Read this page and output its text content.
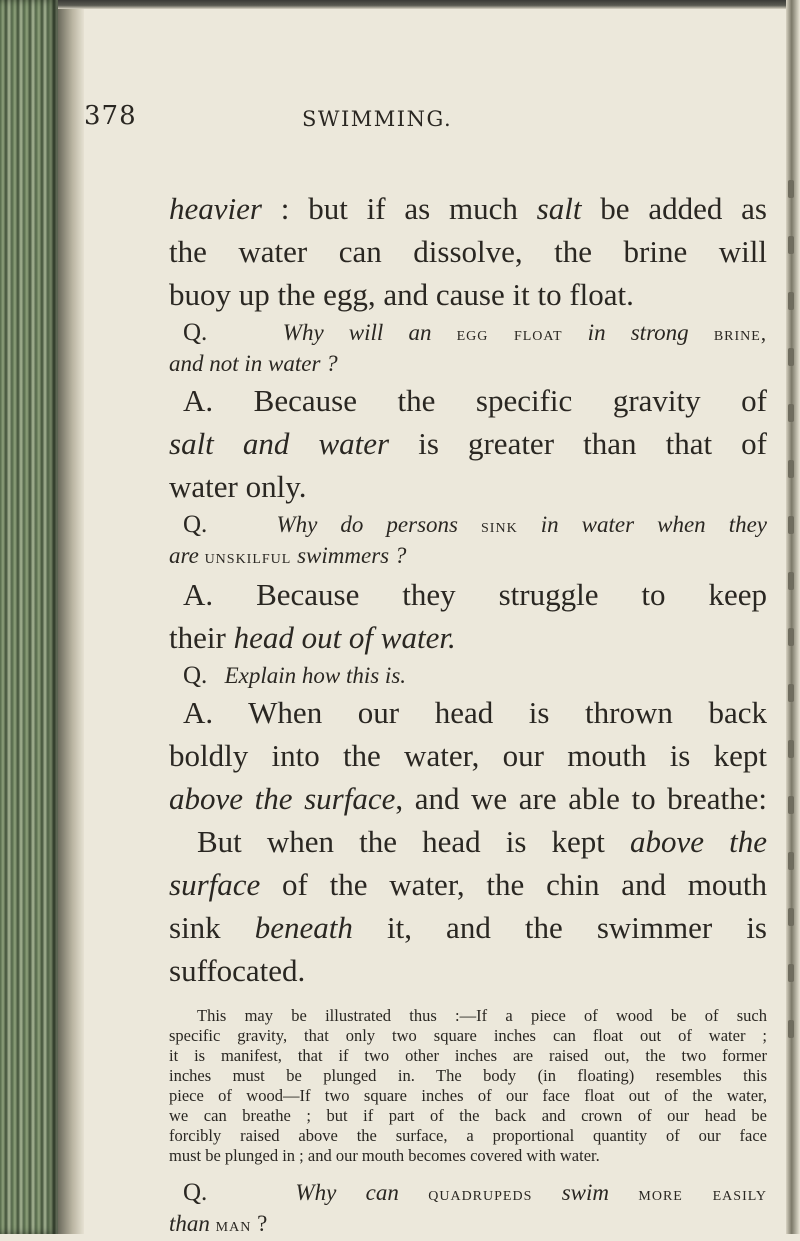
378	SWIMMING.
heavier : but if as much salt be added as
the water can dissolve, the brine will
buoy up the egg, and cause it to float.
Q.	Why will an egg float in strong brine,
and not in water ?
A. Because the specific gravity of
salt and water is greater than that of
water only.
Q.	Why do persons sink in water when they
are unskilful swimmers ?
A. Because they struggle to keep
their head out of water.
Q. Explain how this is.
A. When our head is thrown back
boldly into the water, our mouth is kept
above the surface, and we are able to breathe:
But when the head is kept above the
surface of the water, the chin and mouth
sink beneath it, and the swimmer is
suffocated.
This may be illustrated thus :—If a piece of wood be of such
specific gravity, that only two square inches can float out of water ;
it is manifest, that if two other inches are raised out, the two former
inches must be plunged in. The body (in floating) resembles this
piece of wood—If two square inches of our face float out of the water,
we can breathe ; but if part of the back and crown of our head be
forcibly raised above the surface, a proportional quantity of our face
must be plunged in ; and our mouth becomes covered with water.
Q.	Why can quadrupeds swim more easily
than man ?
